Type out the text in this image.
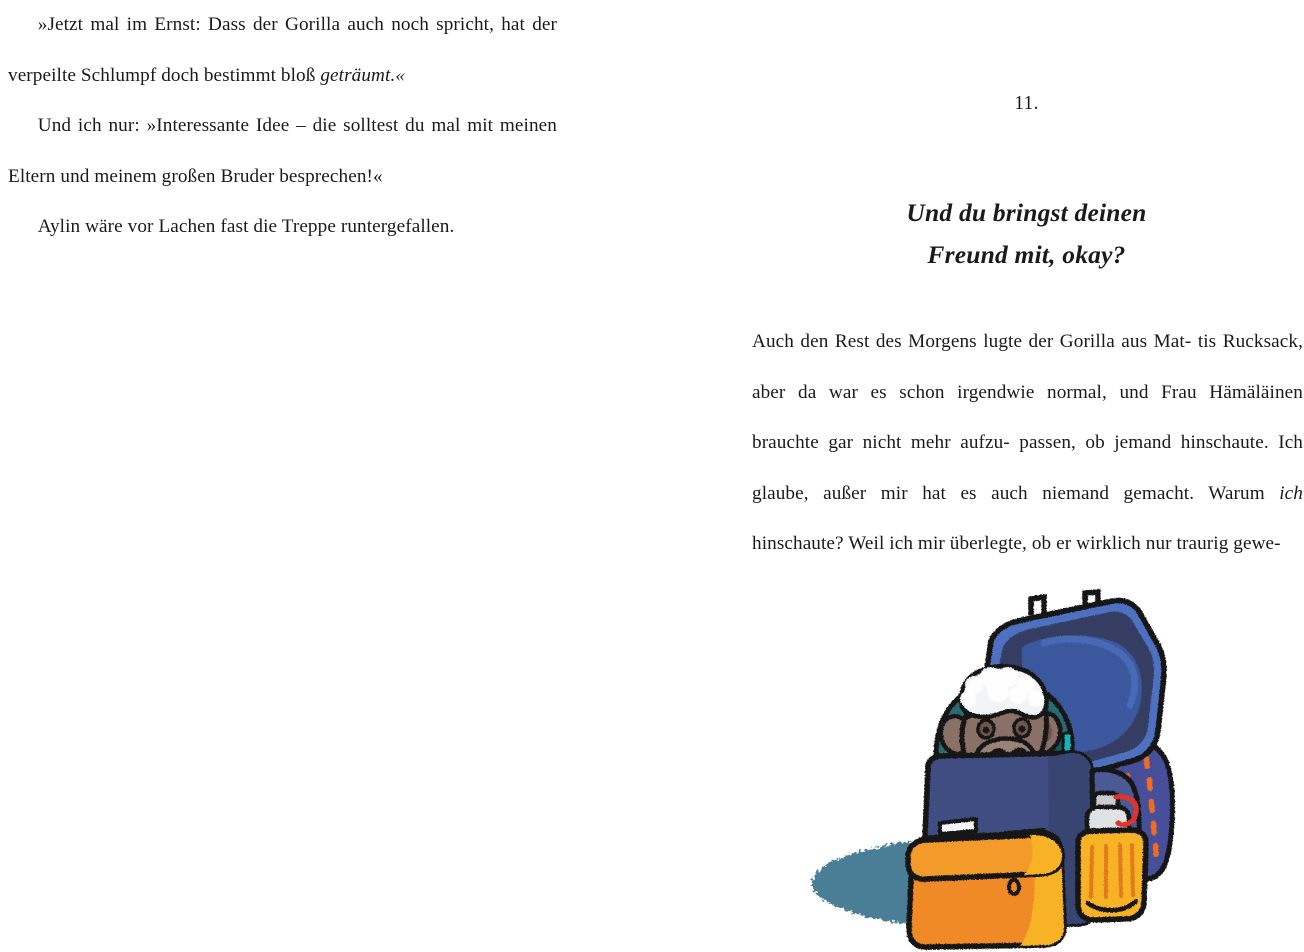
»Jetzt mal im Ernst: Dass der Gorilla auch noch spricht, hat der verpeilte Schlumpf doch bestimmt bloß geträumt.«

Und ich nur: »Interessante Idee – die solltest du mal mit meinen Eltern und meinem großen Bruder besprechen!«

Aylin wäre vor Lachen fast die Treppe runtergefallen.

11.
Und du bringst deinen
Freund mit, okay?

Auch den Rest des Morgens lugte der Gorilla aus Mat- tis Rucksack, aber da war es schon irgendwie normal, und Frau Hämäläinen brauchte gar nicht mehr aufzu- passen, ob jemand hinschaute. Ich glaube, außer mir hat es auch niemand gemacht. Warum ich hinschaute? Weil ich mir überlegte, ob er wirklich nur traurig gewe-
